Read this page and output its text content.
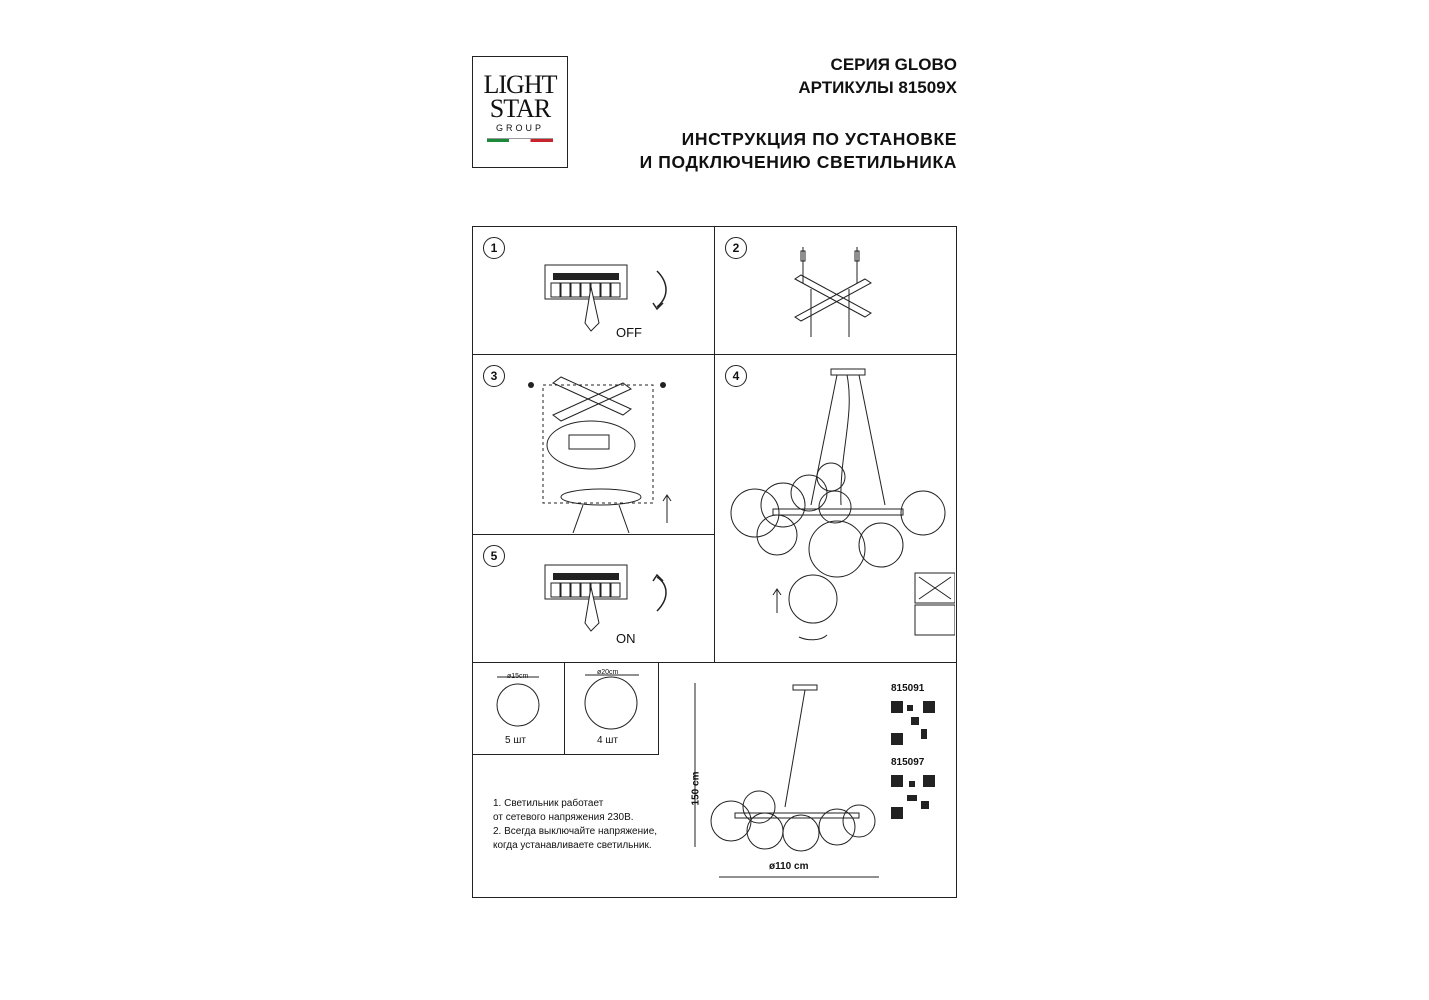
LIGHT
STAR
GROUP
СЕРИЯ GLOBO
АРТИКУЛЫ 81509X
ИНСТРУКЦИЯ ПО УСТАНОВКЕ
И ПОДКЛЮЧЕНИЮ СВЕТИЛЬНИКА
1
OFF
2
3	4
5
ON
ø15cm
5 шт
ø20cm
4 шт
150 cm
ø110 cm
815091
815097
1. Светильник работает
от сетевого напряжения 230В.
2. Всегда выключайте напряжение,
когда устанавливаете светильник.
